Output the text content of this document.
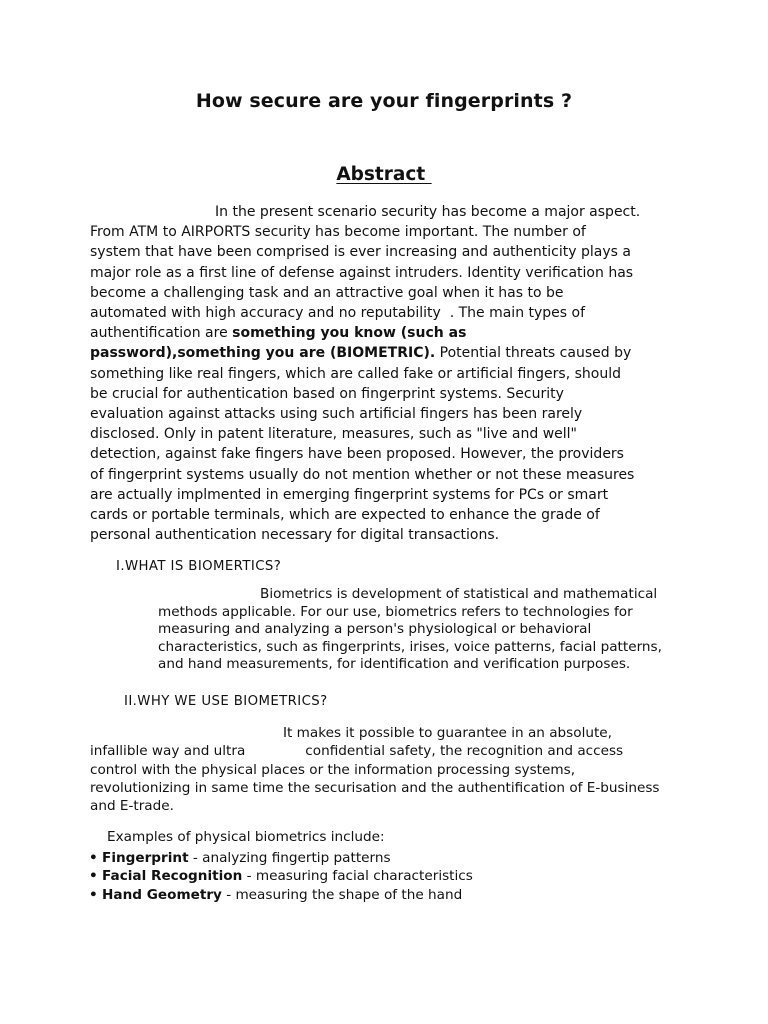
How secure are your fingerprints ?
Abstract
In the present scenario security has become a major aspect.
From ATM to AIRPORTS security has become important. The number of
system that have been comprised is ever increasing and authenticity plays a
major role as a first line of defense against intruders. Identity verification has
become a challenging task and an attractive goal when it has to be
automated with high accuracy and no reputability  . The main types of
authentification are something you know (such as
password),something you are (BIOMETRIC). Potential threats caused by
something like real fingers, which are called fake or artificial fingers, should
be crucial for authentication based on fingerprint systems. Security
evaluation against attacks using such artificial fingers has been rarely
disclosed. Only in patent literature, measures, such as "live and well"
detection, against fake fingers have been proposed. However, the providers
of fingerprint systems usually do not mention whether or not these measures
are actually implmented in emerging fingerprint systems for PCs or smart
cards or portable terminals, which are expected to enhance the grade of
personal authentication necessary for digital transactions.
I.WHAT IS BIOMERTICS?
Biometrics is development of statistical and mathematical
methods applicable. For our use, biometrics refers to technologies for
measuring and analyzing a person's physiological or behavioral
characteristics, such as fingerprints, irises, voice patterns, facial patterns,
and hand measurements, for identification and verification purposes.
II.WHY WE USE BIOMETRICS?
It makes it possible to guarantee in an absolute,
infallible way and ultra	confidential safety, the recognition and access
control with the physical places or the information processing systems,
revolutionizing in same time the securisation and the authentification of E-business
and E-trade.
Examples of physical biometrics include:
• Fingerprint - analyzing fingertip patterns
• Facial Recognition - measuring facial characteristics
• Hand Geometry - measuring the shape of the hand
